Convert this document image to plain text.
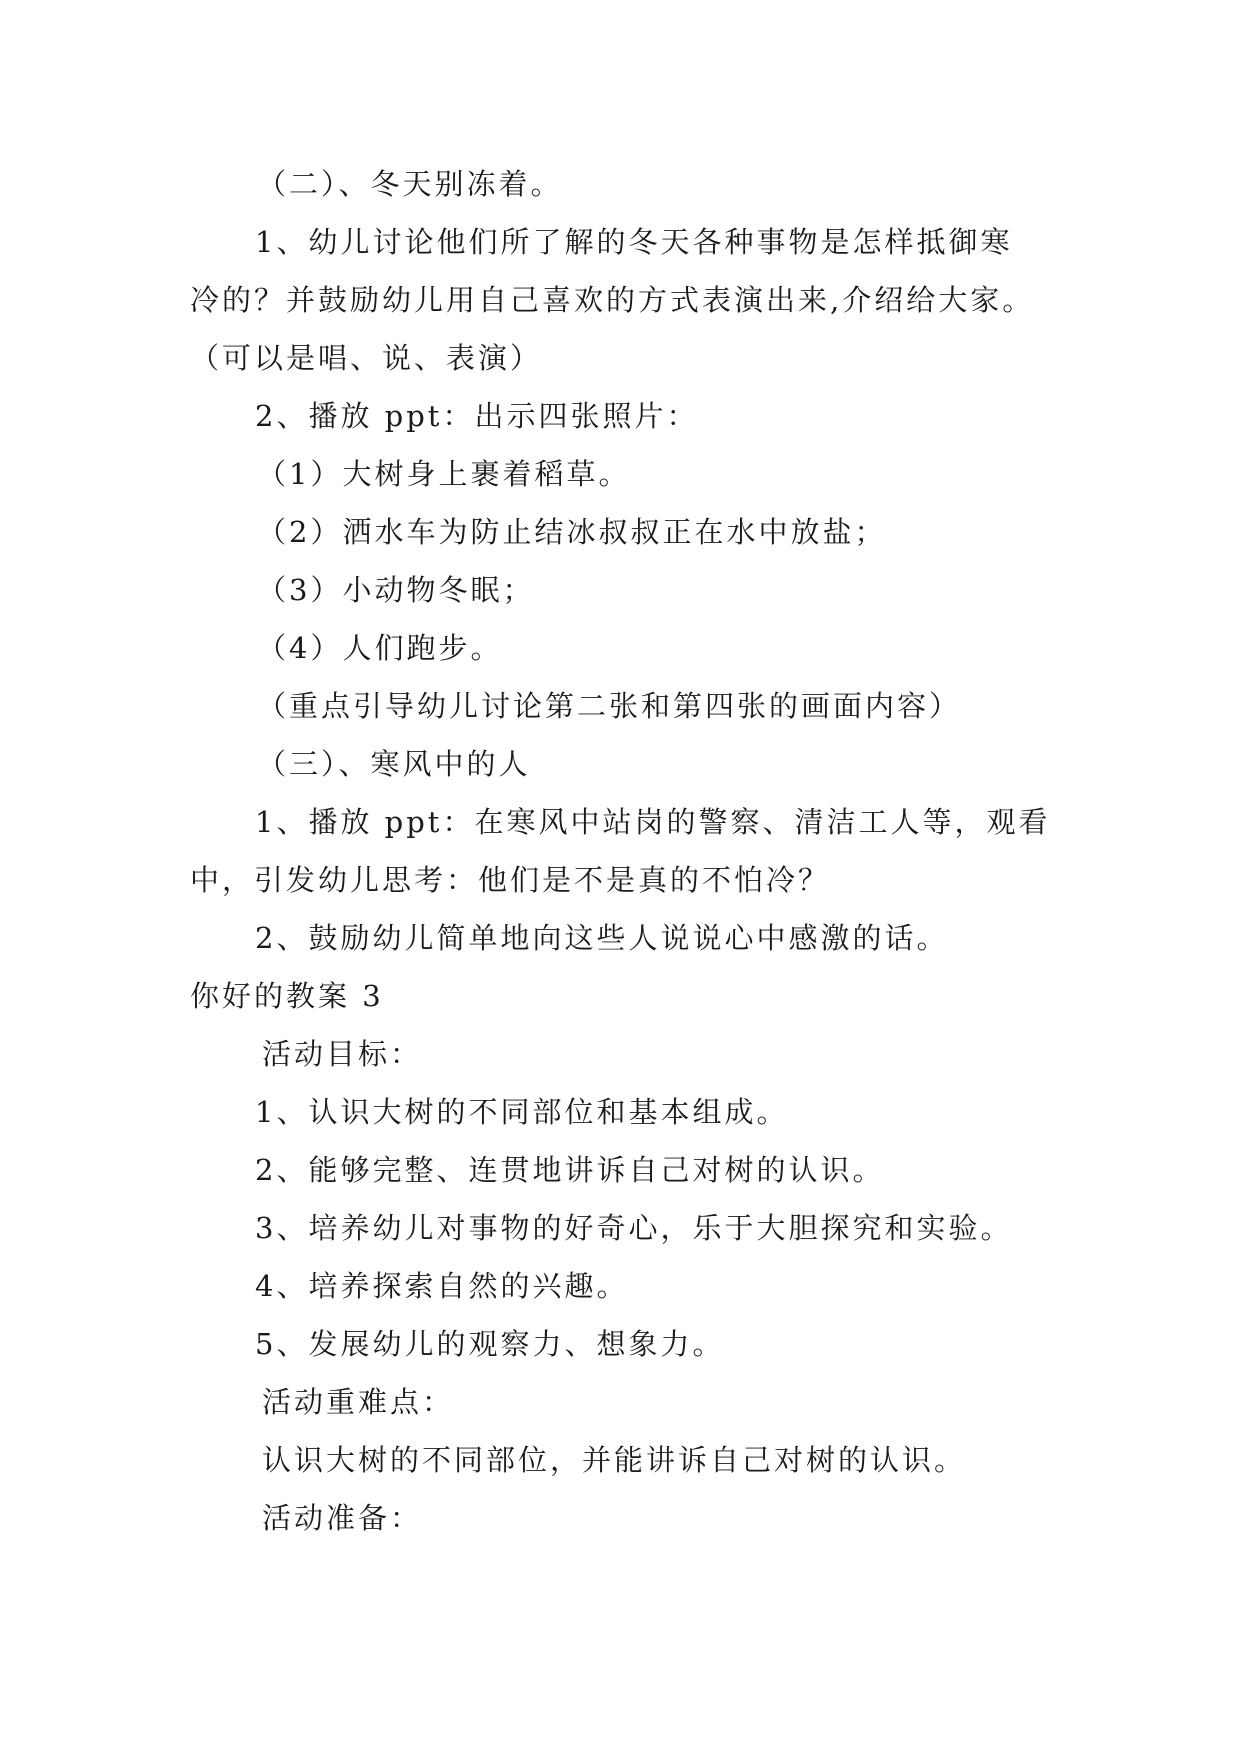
（二）、冬天别冻着。
1、幼儿讨论他们所了解的冬天各种事物是怎样抵御寒
冷的？并鼓励幼儿用自己喜欢的方式表演出来,介绍给大家。
（可以是唱、说、表演）
2、播放 ppt：出示四张照片：
（1）大树身上裹着稻草。
（2）洒水车为防止结冰叔叔正在水中放盐；
（3）小动物冬眠；
（4）人们跑步。
（重点引导幼儿讨论第二张和第四张的画面内容）
（三）、寒风中的人
1、播放 ppt：在寒风中站岗的警察、清洁工人等，观看
中，引发幼儿思考：他们是不是真的不怕冷？
2、鼓励幼儿简单地向这些人说说心中感激的话。
你好的教案 3
活动目标：
1、认识大树的不同部位和基本组成。
2、能够完整、连贯地讲诉自己对树的认识。
3、培养幼儿对事物的好奇心，乐于大胆探究和实验。
4、培养探索自然的兴趣。
5、发展幼儿的观察力、想象力。
活动重难点：
认识大树的不同部位，并能讲诉自己对树的认识。
活动准备：
